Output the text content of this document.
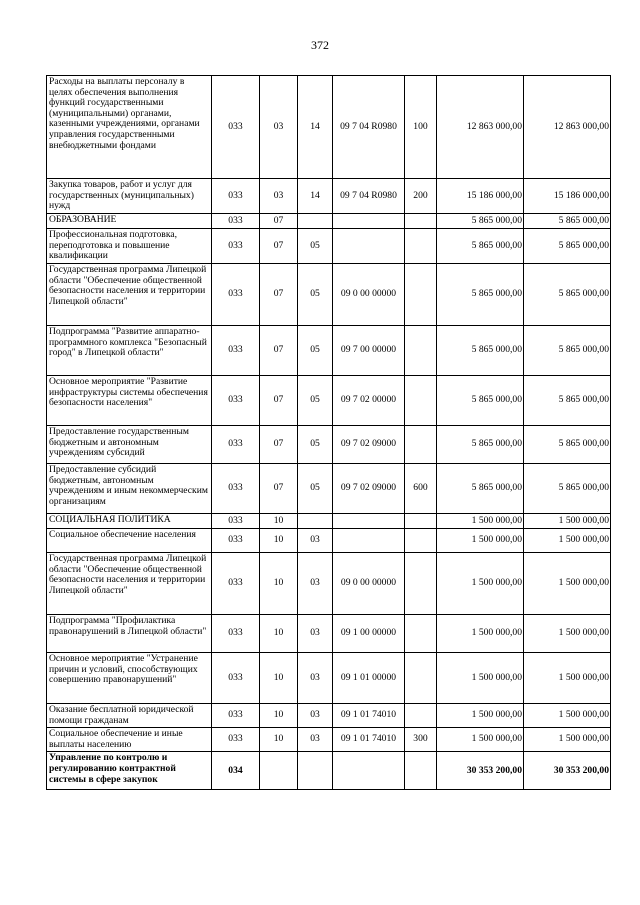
372
Расходы на выплаты персоналу в целях обеспечения выполнения функций государственными (муниципальными) органами, казенными учреждениями, органами управления государственными внебюджетными фондами	033	03	14	09 7 04 R0980	100	12 863 000,00	12 863 000,00
Закупка товаров, работ и услуг для государственных (муниципальных) нужд	033	03	14	09 7 04 R0980	200	15 186 000,00	15 186 000,00
ОБРАЗОВАНИЕ	033	07				5 865 000,00	5 865 000,00
Профессиональная подготовка, переподготовка и повышение квалификации	033	07	05			5 865 000,00	5 865 000,00
Государственная программа Липецкой области "Обеспечение общественной безопасности населения и территории Липецкой области"	033	07	05	09 0 00 00000		5 865 000,00	5 865 000,00
Подпрограмма "Развитие аппаратно-программного комплекса "Безопасный город" в Липецкой области"	033	07	05	09 7 00 00000		5 865 000,00	5 865 000,00
Основное мероприятие "Развитие инфраструктуры системы обеспечения безопасности населения"	033	07	05	09 7 02 00000		5 865 000,00	5 865 000,00
Предоставление государственным бюджетным и автономным учреждениям субсидий	033	07	05	09 7 02 09000		5 865 000,00	5 865 000,00
Предоставление субсидий бюджетным, автономным учреждениям и иным некоммерческим организациям	033	07	05	09 7 02 09000	600	5 865 000,00	5 865 000,00
СОЦИАЛЬНАЯ ПОЛИТИКА	033	10				1 500 000,00	1 500 000,00
Социальное обеспечение населения	033	10	03			1 500 000,00	1 500 000,00
Государственная программа Липецкой области "Обеспечение общественной безопасности населения и территории Липецкой области"	033	10	03	09 0 00 00000		1 500 000,00	1 500 000,00
Подпрограмма "Профилактика правонарушений в Липецкой области"	033	10	03	09 1 00 00000		1 500 000,00	1 500 000,00
Основное мероприятие "Устранение причин и условий, способствующих совершению правонарушений"	033	10	03	09 1 01 00000		1 500 000,00	1 500 000,00
Оказание бесплатной юридической помощи гражданам	033	10	03	09 1 01 74010		1 500 000,00	1 500 000,00
Социальное обеспечение и иные выплаты населению	033	10	03	09 1 01 74010	300	1 500 000,00	1 500 000,00
Управление по контролю и регулированию контрактной системы в сфере закупок	034					30 353 200,00	30 353 200,00
